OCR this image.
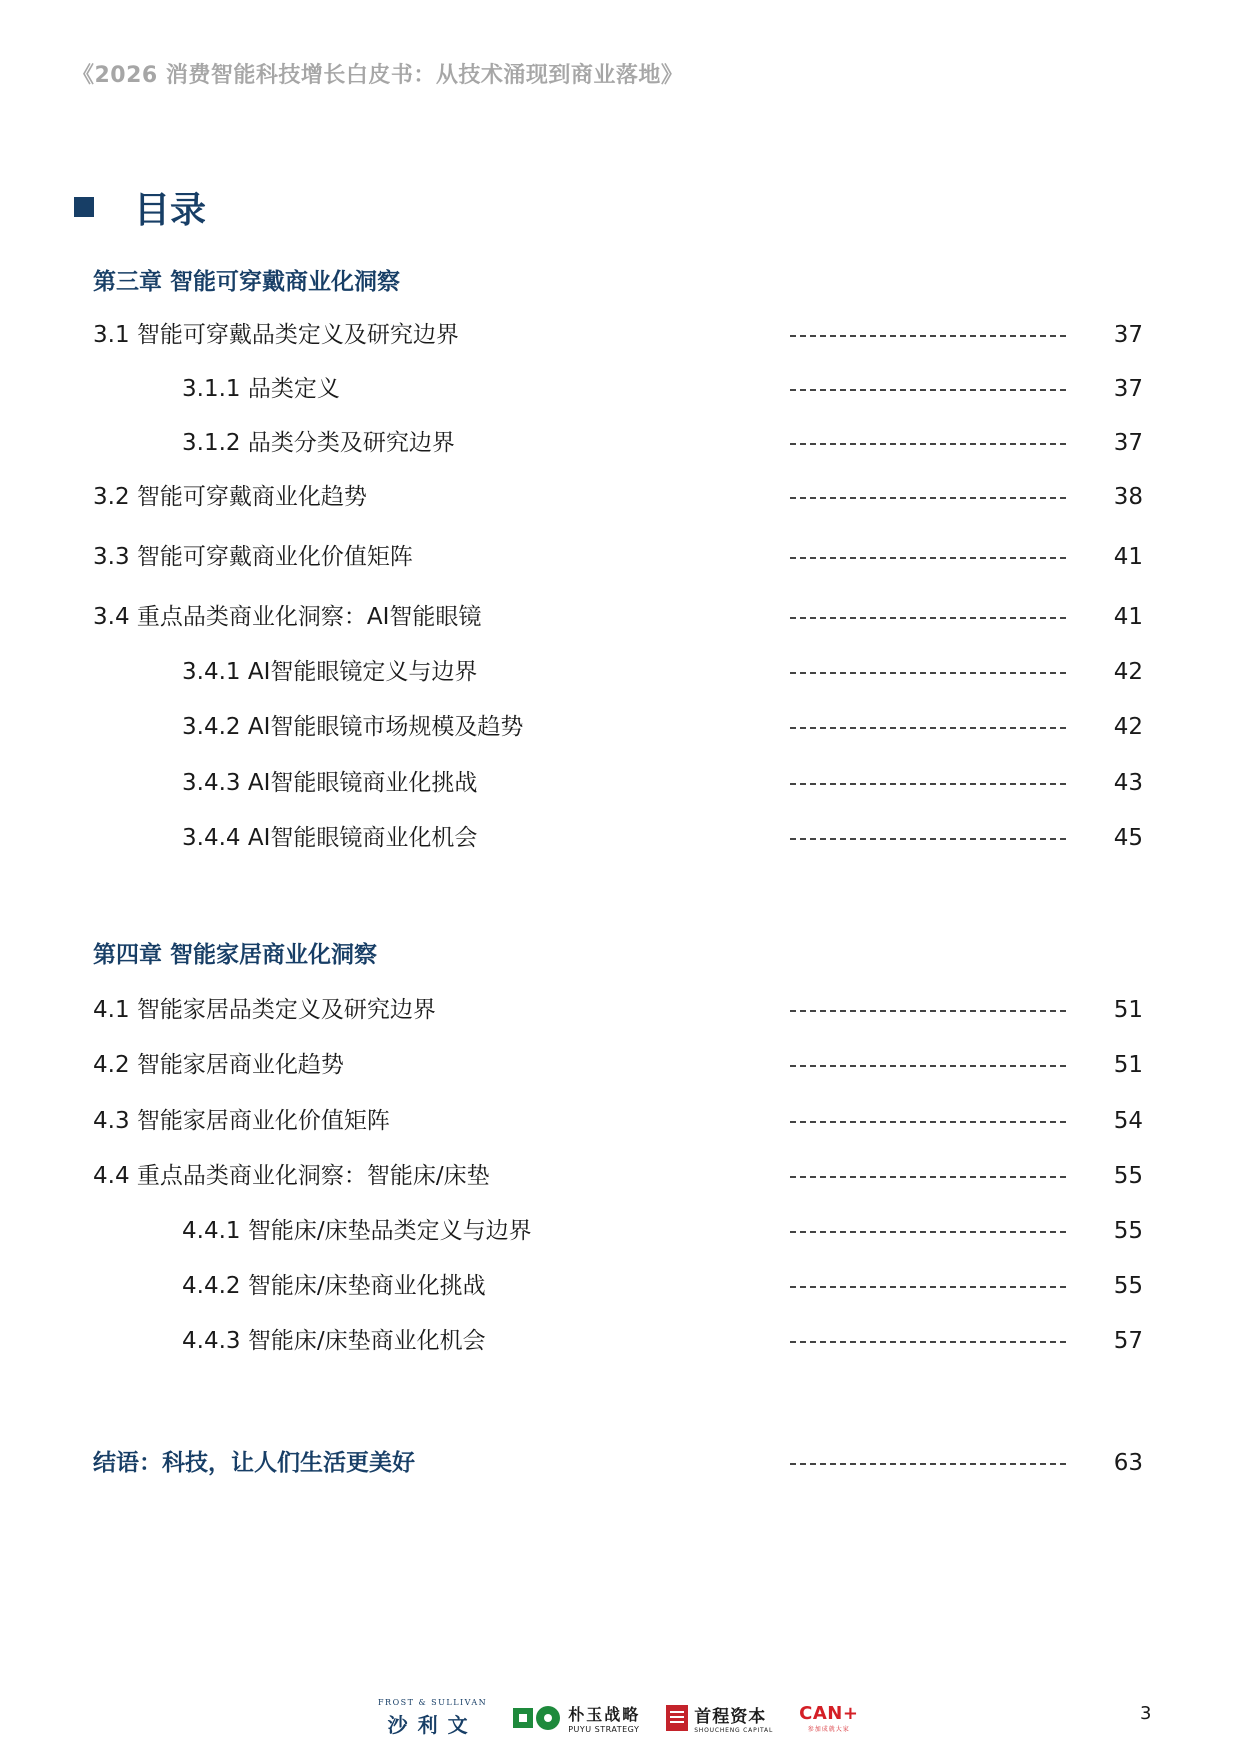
《2026 消费智能科技增长白皮书：从技术涌现到商业落地》
目录
第三章 智能可穿戴商业化洞察
3.1 智能可穿戴品类定义及研究边界	37
3.1.1 品类定义	37
3.1.2 品类分类及研究边界	37
3.2 智能可穿戴商业化趋势	38
3.3 智能可穿戴商业化价值矩阵	41
3.4 重点品类商业化洞察：AI智能眼镜	41
3.4.1 AI智能眼镜定义与边界	42
3.4.2 AI智能眼镜市场规模及趋势	42
3.4.3 AI智能眼镜商业化挑战	43
3.4.4 AI智能眼镜商业化机会	45
第四章 智能家居商业化洞察
4.1 智能家居品类定义及研究边界	51
4.2 智能家居商业化趋势	51
4.3 智能家居商业化价值矩阵	54
4.4 重点品类商业化洞察：智能床/床垫	55
4.4.1 智能床/床垫品类定义与边界	55
4.4.2 智能床/床垫商业化挑战	55
4.4.3 智能床/床垫商业化机会	57
结语：科技，让人们生活更美好	63
FROST & SULLIVAN
沙利文	朴玉战略
PUYU STRATEGY
首程资本
SHOUCHENG CAPITAL
CAN+
参加成就大家
3
